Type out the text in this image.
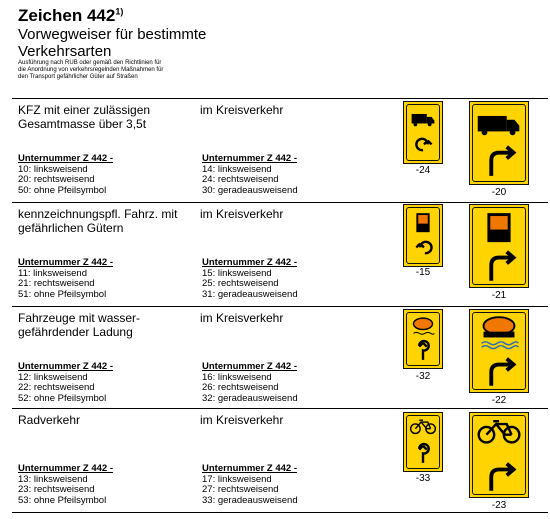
Zeichen 442$^{1)}$
Vorwegweiser für bestimmte Verkehrsarten
Ausführung nach RUB oder gemäß den Richtlinien für die Anordnung von verkehrsregelnden Maßnahmen für den Transport gefährlicher Güter auf Straßen
KFZ mit einer zulässigen Gesamtmasse über 3,5t
im Kreisverkehr
Unternummer Z 442 -
10: linksweisend
20: rechtsweisend
50: ohne Pfeilsymbol
Unternummer Z 442 -
14: linksweisend
24: rechtsweisend
30: geradeausweisend
-24
-20
kennzeichnungspfl. Fahrz. mit gefährlichen Gütern
im Kreisverkehr
Unternummer Z 442 -
11: linksweisend
21: rechtsweisend
51: ohne Pfeilsymbol
Unternummer Z 442 -
15: linksweisend
25: rechtsweisend
31: geradeausweisend
-15
-21
Fahrzeuge mit wasser-gefährdender Ladung
im Kreisverkehr
Unternummer Z 442 -
12: linksweisend
22: rechtsweisend
52: ohne Pfeilsymbol
Unternummer Z 442 -
16: linksweisend
26: rechtsweisend
32: geradeausweisend
-32
-22
Radverkehr	im Kreisverkehr
Unternummer Z 442 -
13: linksweisend
23: rechtsweisend
53: ohne Pfeilsymbol
Unternummer Z 442 -
17: linksweisend
27: rechtsweisend
33: geradeausweisend
-33
-23
